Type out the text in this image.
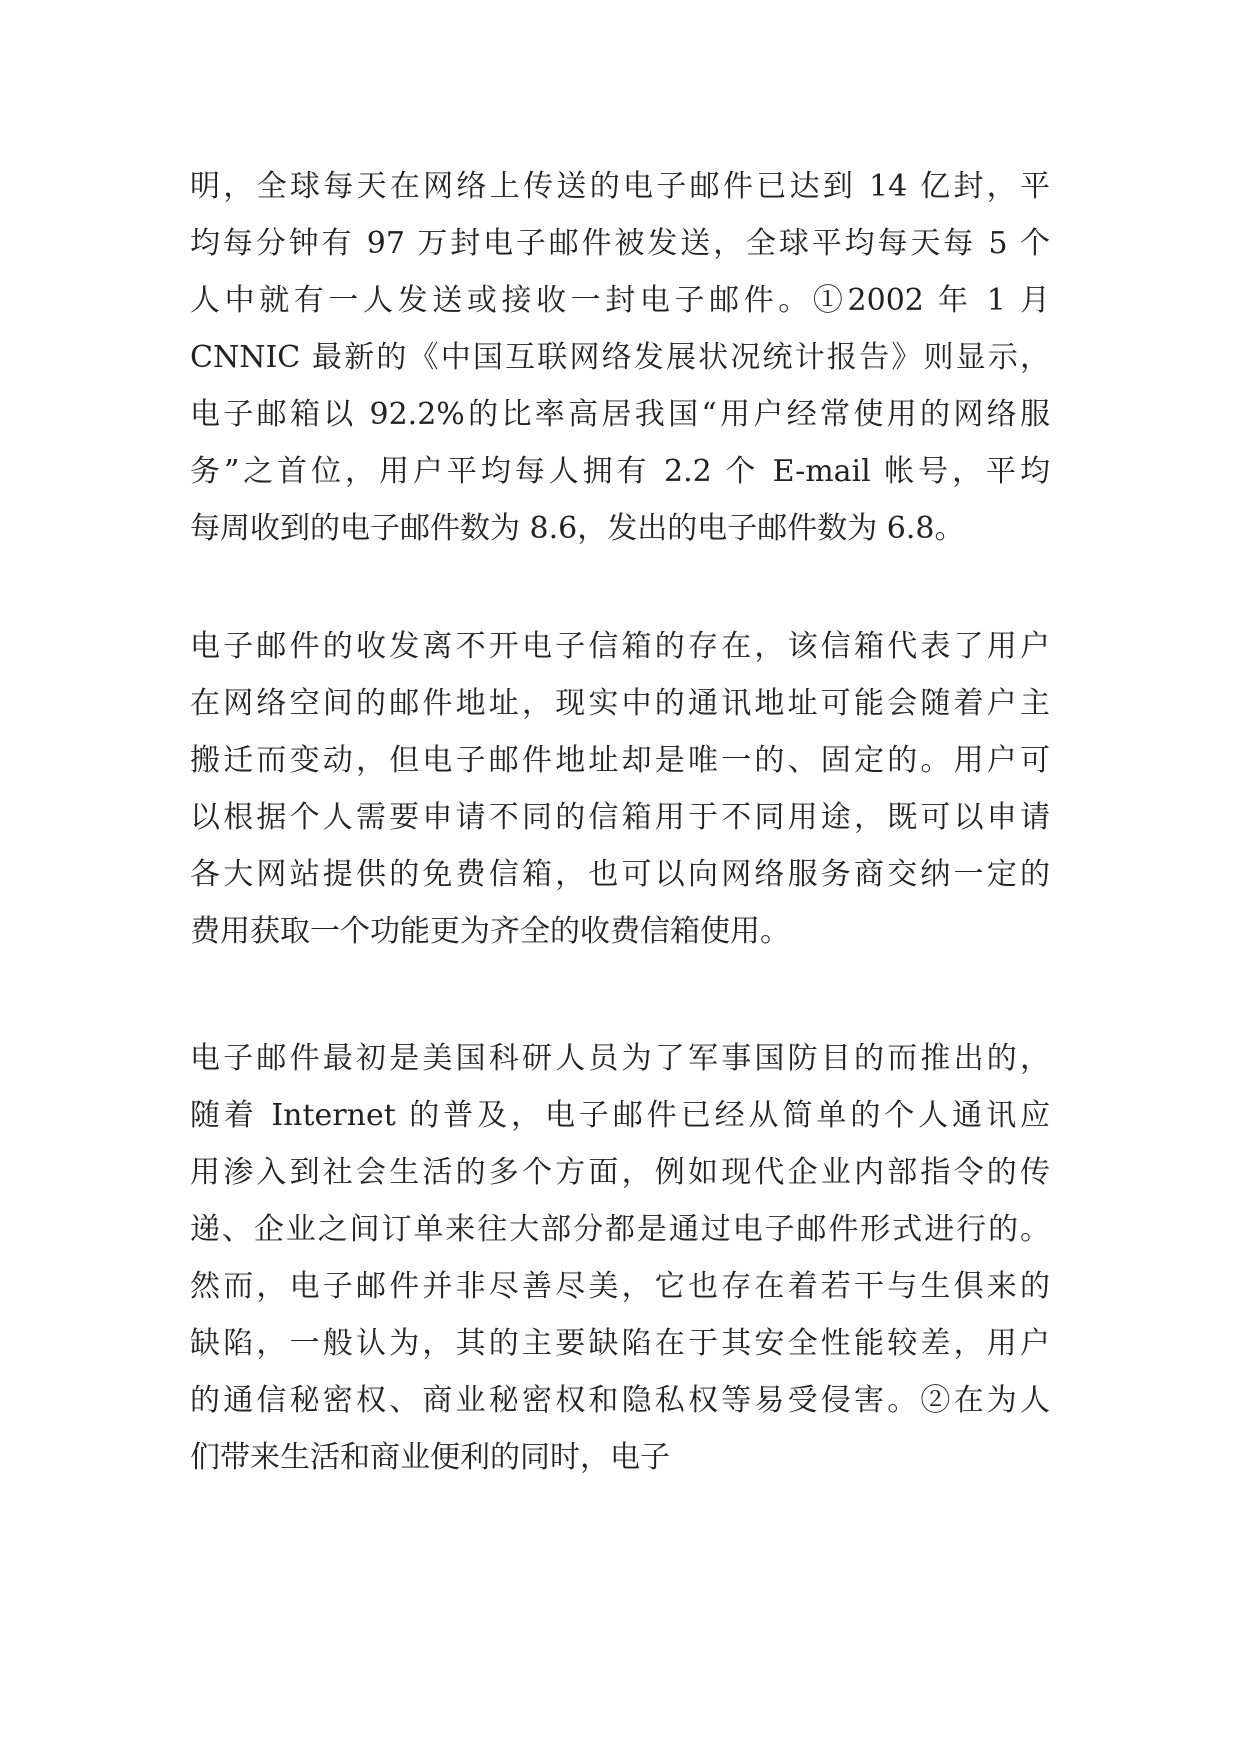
明，全球每天在网络上传送的电子邮件已达到 14 亿封，平
均每分钟有 97 万封电子邮件被发送，全球平均每天每 5 个
人中就有一人发送或接收一封电子邮件。①2002 年 1 月
CNNIC 最新的《中国互联网络发展状况统计报告》则显示，
电子邮箱以 92.2%的比率高居我国“用户经常使用的网络服
务”之首位，用户平均每人拥有 2.2 个 E-mail 帐号，平均
每周收到的电子邮件数为 8.6，发出的电子邮件数为 6.8。
电子邮件的收发离不开电子信箱的存在，该信箱代表了用户
在网络空间的邮件地址，现实中的通讯地址可能会随着户主
搬迁而变动，但电子邮件地址却是唯一的、固定的。用户可
以根据个人需要申请不同的信箱用于不同用途，既可以申请
各大网站提供的免费信箱，也可以向网络服务商交纳一定的
费用获取一个功能更为齐全的收费信箱使用。
电子邮件最初是美国科研人员为了军事国防目的而推出的，
随着 Internet 的普及，电子邮件已经从简单的个人通讯应
用渗入到社会生活的多个方面，例如现代企业内部指令的传
递、企业之间订单来往大部分都是通过电子邮件形式进行的。
然而，电子邮件并非尽善尽美，它也存在着若干与生俱来的
缺陷，一般认为，其的主要缺陷在于其安全性能较差，用户
的通信秘密权、商业秘密权和隐私权等易受侵害。②在为人
们带来生活和商业便利的同时，电子
